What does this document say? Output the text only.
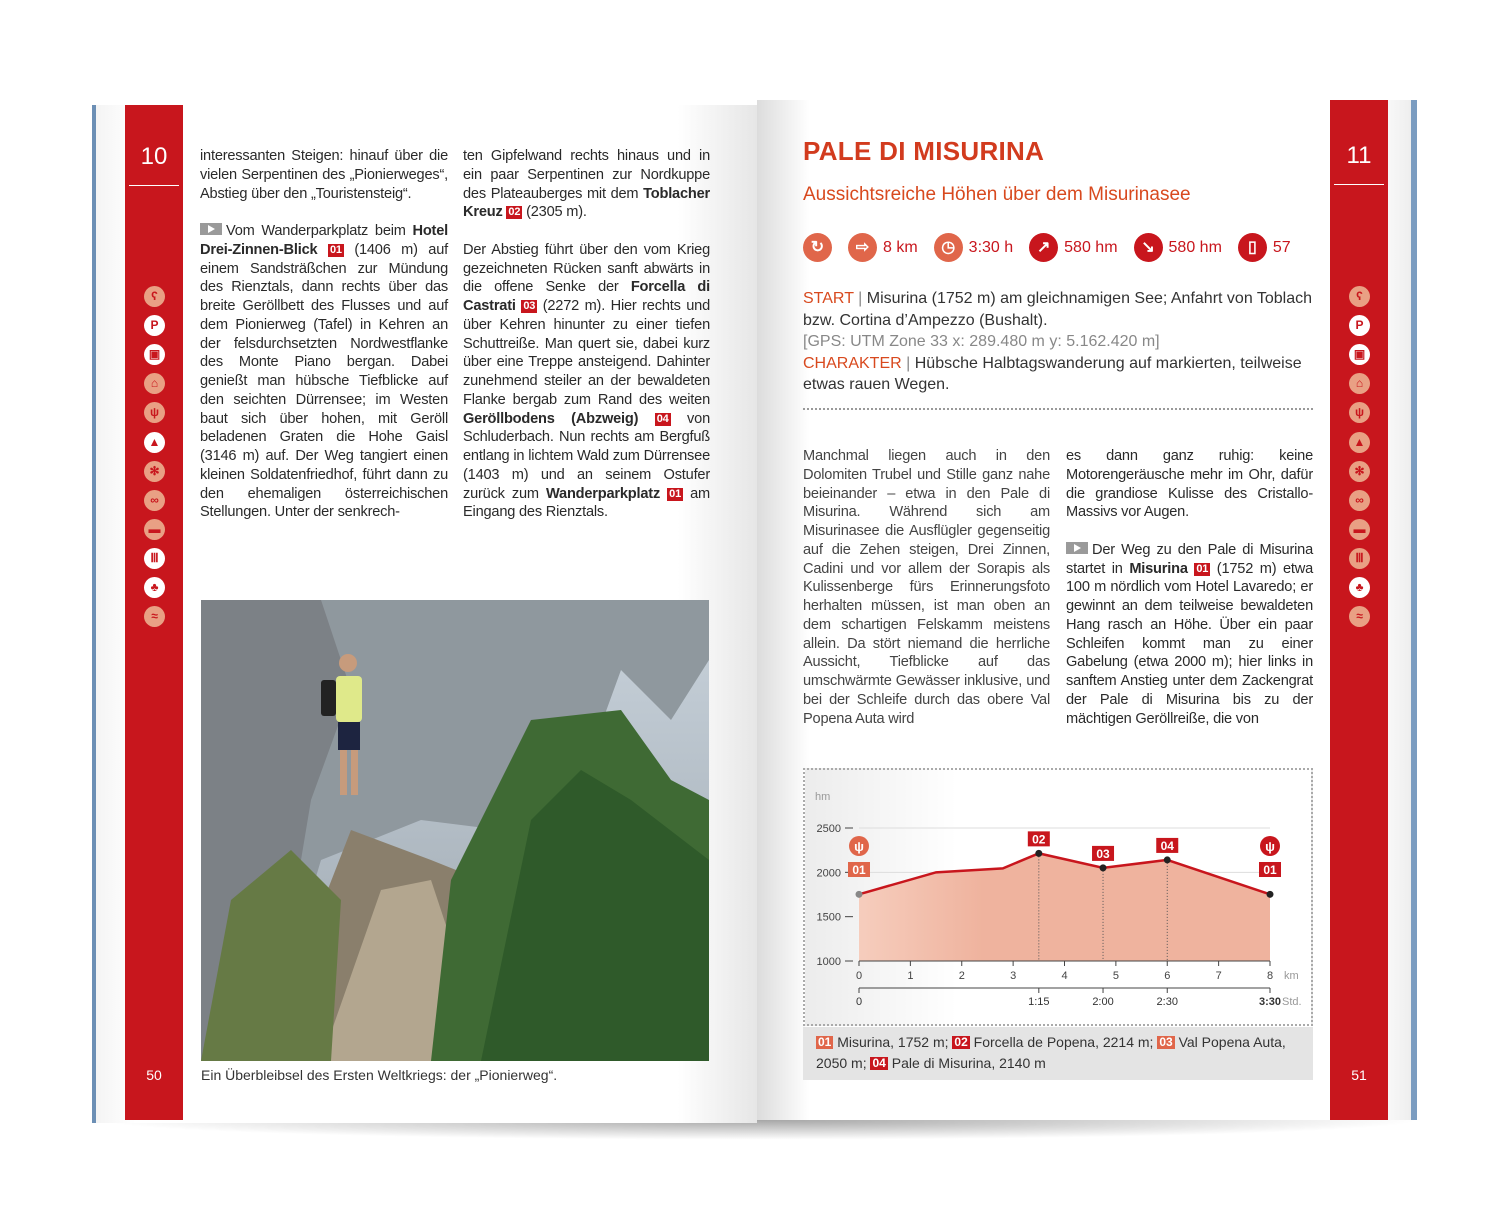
10
ʕ
P
▣
⌂
ψ
▲
✻
∞
▬
Ⅲ
♣
≈
50
11
ʕ
P
▣
⌂
ψ
▲
✻
∞
▬
Ⅲ
♣
≈
51

interessanten Steigen: hinauf über die vielen Serpentinen des „Pionierweges“, Abstieg über den „Touristensteig“.

Vom Wanderparkplatz beim Hotel Drei-Zinnen-Blick 01 (1406 m) auf einem Sandsträßchen zur Mündung des Rienztals, dann rechts über das breite Geröllbett des Flusses und auf dem Pionierweg (Tafel) in Kehren an der felsdurchsetzten Nordwestflanke des Monte Piano bergan. Dabei genießt man hübsche Tiefblicke auf den seichten Dürrensee; im Westen baut sich über hohen, mit Geröll beladenen Graten die Hohe Gaisl (3146 m) auf. Der Weg tangiert einen kleinen Soldatenfriedhof, führt dann zu den ehemaligen österreichischen Stellungen. Unter der senkrech-

ten Gipfelwand rechts hinaus und in ein paar Serpentinen zur Nordkuppe des Plateauberges mit dem Toblacher Kreuz 02 (2305 m).

Der Abstieg führt über den vom Krieg gezeichneten Rücken sanft abwärts in die offene Senke der Forcella di Castrati 03 (2272 m). Hier rechts und über Kehren hinunter zu einer tiefen Schuttreiße. Man quert sie, dabei kurz über eine Treppe ansteigend. Dahinter zunehmend steiler an der bewaldeten Flanke bergab zum Rand des weiten Geröllbodens (Abzweig) 04 von Schluderbach. Nun rechts am Bergfuß entlang in lichtem Wald zum Dürrensee (1403 m) und an seinem Ostufer zurück zum Wanderparkplatz 01 am Eingang des Rienztals.

Ein Überbleibsel des Ersten Weltkriegs: der „Pionierweg“.
PALE DI MISURINA
Aussichtsreiche Höhen über dem Misurinasee
↻	⇨ 8 km	◷ 3:30 h	↗ 580 hm	↘ 580 hm	▯	57
START | Misurina (1752 m) am gleichnamigen See; Anfahrt von Toblach bzw. Cortina d’Ampezzo (Bushalt).
[GPS: UTM Zone 33 x: 289.480 m y: 5.162.420 m]
CHARAKTER | Hübsche Halbtagswanderung auf markierten, teilweise etwas rauen Wegen.

Manchmal liegen auch in den Dolomiten Trubel und Stille ganz nahe beieinander – etwa in den Pale di Misurina. Während sich am Misurinasee die Ausflügler gegenseitig auf die Zehen steigen, Drei Zinnen, Cadini und vor allem der Sorapis als Kulissenberge fürs Erinnerungsfoto herhalten müssen, ist man oben an dem schartigen Felskamm meistens allein. Da stört niemand die herrliche Aussicht, Tiefblicke auf das umschwärmte Gewässer inklusive, und bei der Schleife durch das obere Val Popena Auta wird

es dann ganz ruhig: keine Motorengeräusche mehr im Ohr, dafür die grandiose Kulisse des Cristallo-Massivs vor Augen.

Der Weg zu den Pale di Misurina startet in Misurina 01 (1752 m) etwa 100 m nördlich vom Hotel Lavaredo; er gewinnt an dem teilweise bewaldeten Hang rasch an Höhe. Über ein paar Schleifen kommt man zu einer Gabelung (etwa 2000 m); hier links in sanftem Anstieg unter dem Zackengrat der Pale di Misurina bis zu der mächtigen Geröllreiße, die von

hm
1000
1500
2000
2500
0	1	2	3	4	5	6	7	8 km
0	1:15	2:00	2:30	3:30 Std.
ψ
01
02
03
04	ψ
01
01 Misurina, 1752 m; 02 Forcella de Popena, 2214 m; 03 Val Popena Auta, 2050 m; 04 Pale di Misurina, 2140 m
